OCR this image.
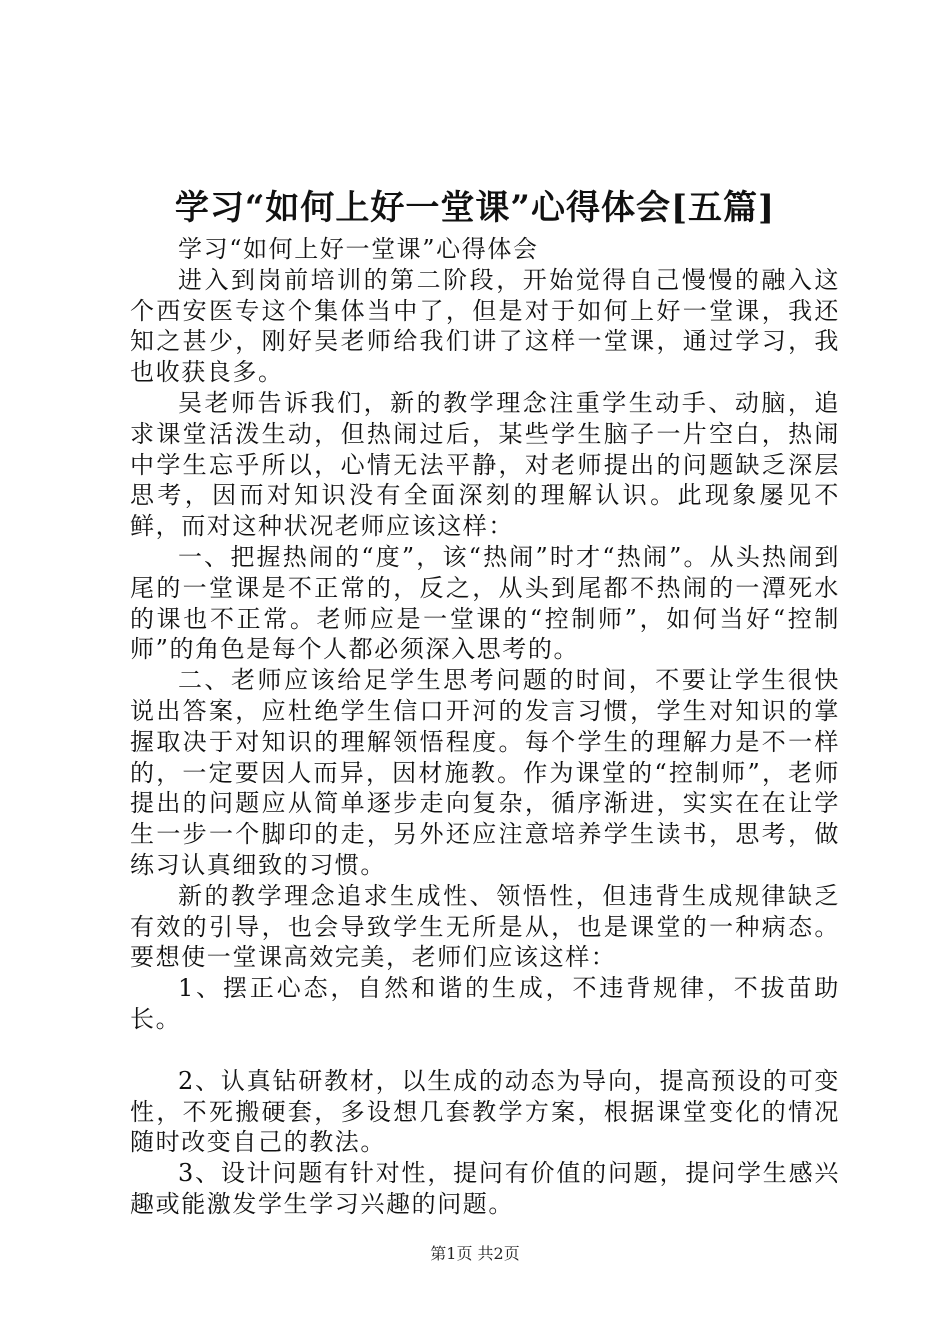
学习“如何上好一堂课”心得体会[五篇]

学习“如何上好一堂课”心得体会

进入到岗前培训的第二阶段，开始觉得自己慢慢的融入这个西安医专这个集体当中了，但是对于如何上好一堂课，我还知之甚少，刚好吴老师给我们讲了这样一堂课，通过学习，我也收获良多。

吴老师告诉我们，新的教学理念注重学生动手、动脑，追求课堂活泼生动，但热闹过后，某些学生脑子一片空白，热闹中学生忘乎所以，心情无法平静，对老师提出的问题缺乏深层思考，因而对知识没有全面深刻的理解认识。此现象屡见不鲜，而对这种状况老师应该这样：

一、把握热闹的“度”，该“热闹”时才“热闹”。从头热闹到尾的一堂课是不正常的，反之，从头到尾都不热闹的一潭死水的课也不正常。老师应是一堂课的“控制师”，如何当好“控制师”的角色是每个人都必须深入思考的。

二、老师应该给足学生思考问题的时间，不要让学生很快说出答案，应杜绝学生信口开河的发言习惯，学生对知识的掌握取决于对知识的理解领悟程度。每个学生的理解力是不一样的，一定要因人而异，因材施教。作为课堂的“控制师”，老师提出的问题应从简单逐步走向复杂，循序渐进，实实在在让学生一步一个脚印的走，另外还应注意培养学生读书，思考，做练习认真细致的习惯。

新的教学理念追求生成性、领悟性，但违背生成规律缺乏有效的引导，也会导致学生无所是从，也是课堂的一种病态。要想使一堂课高效完美，老师们应该这样：

1、摆正心态，自然和谐的生成，不违背规律，不拔苗助长。

2、认真钻研教材，以生成的动态为导向，提高预设的可变性，不死搬硬套，多设想几套教学方案，根据课堂变化的情况随时改变自己的教法。

3、设计问题有针对性，提问有价值的问题，提问学生感兴趣或能激发学生学习兴趣的问题。

第1页 共2页
